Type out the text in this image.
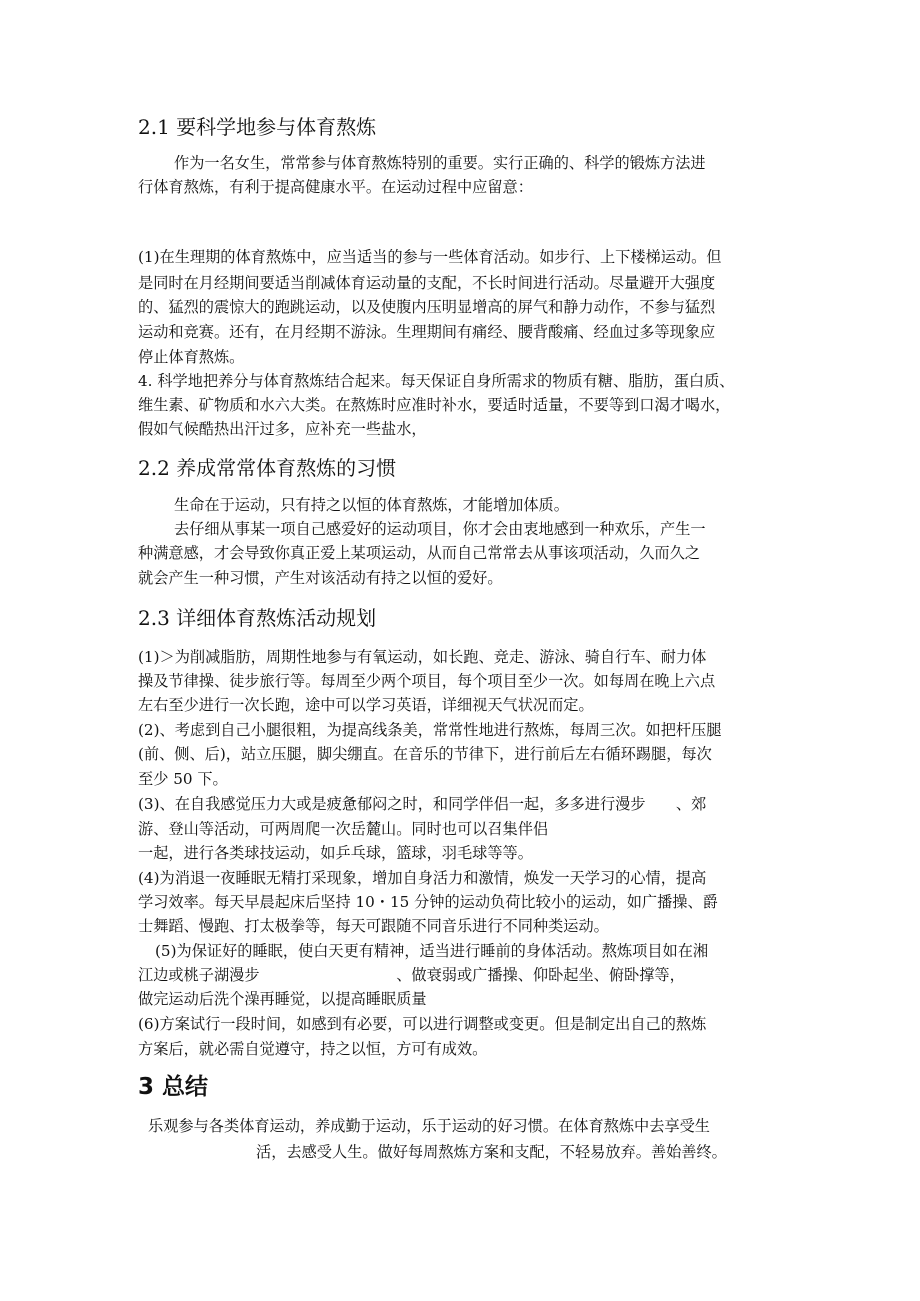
2.1 要科学地参与体育熬炼

作为一名女生，常常参与体育熬炼特别的重要。实行正确的、科学的锻炼方法进

行体育熬炼，有利于提高健康水平。在运动过程中应留意：

(1)在生理期的体育熬炼中，应当适当的参与一些体育活动。如步行、上下楼梯运动。但

是同时在月经期间要适当削减体育运动量的支配，不长时间进行活动。尽量避开大强度

的、猛烈的震惊大的跑跳运动，以及使腹内压明显增高的屏气和静力动作，不参与猛烈

运动和竞赛。还有，在月经期不游泳。生理期间有痛经、腰背酸痛、经血过多等现象应

停止体育熬炼。

4. 科学地把养分与体育熬炼结合起来。每天保证自身所需求的物质有糖、脂肪，蛋白质、

维生素、矿物质和水六大类。在熬炼时应准时补水，要适时适量，不要等到口渴才喝水，

假如气候酷热出汗过多，应补充一些盐水，

2.2 养成常常体育熬炼的习惯

生命在于运动，只有持之以恒的体育熬炼，才能增加体质。

去仔细从事某一项自己感爱好的运动项目，你才会由衷地感到一种欢乐，产生一

种满意感，才会导致你真正爱上某项运动，从而自己常常去从事该项活动，久而久之

就会产生一种习惯，产生对该活动有持之以恒的爱好。

2.3 详细体育熬炼活动规划

(1)＞为削减脂肪，周期性地参与有氧运动，如长跑、竞走、游泳、骑自行车、耐力体

操及节律操、徒步旅行等。每周至少两个项目，每个项目至少一次。如每周在晚上六点

左右至少进行一次长跑，途中可以学习英语，详细视天气状况而定。

(2)、考虑到自己小腿很粗，为提高线条美，常常性地进行熬炼，每周三次。如把杆压腿

(前、侧、后)，站立压腿，脚尖绷直。在音乐的节律下，进行前后左右循环踢腿，每次

至少 50 下。

(3)、在自我感觉压力大或是疲惫郁闷之时，和同学伴侣一起，多多进行漫步　　、郊

游、登山等活动，可两周爬一次岳麓山。同时也可以召集伴侣

一起，进行各类球技运动，如乒乓球，篮球，羽毛球等等。

(4)为消退一夜睡眠无精打采现象，增加自身活力和激情，焕发一天学习的心情，提高

学习效率。每天早晨起床后坚持 10・15 分钟的运动负荷比较小的运动，如广播操、爵

士舞蹈、慢跑、打太极拳等，每天可跟随不同音乐进行不同种类运动。

(5)为保证好的睡眠，使白天更有精神，适当进行睡前的身体活动。熬炼项目如在湘

江边或桃子湖漫步　　　　　　　　　、做衰弱或广播操、仰卧起坐、俯卧撑等，

做完运动后洗个澡再睡觉，以提高睡眠质量

(6)方案试行一段时间，如感到有必要，可以进行调整或变更。但是制定出自己的熬炼

方案后，就必需自觉遵守，持之以恒，方可有成效。

3 总结

乐观参与各类体育运动，养成勤于运动，乐于运动的好习惯。在体育熬炼中去享受生

活，去感受人生。做好每周熬炼方案和支配，不轻易放弃。善始善终。
